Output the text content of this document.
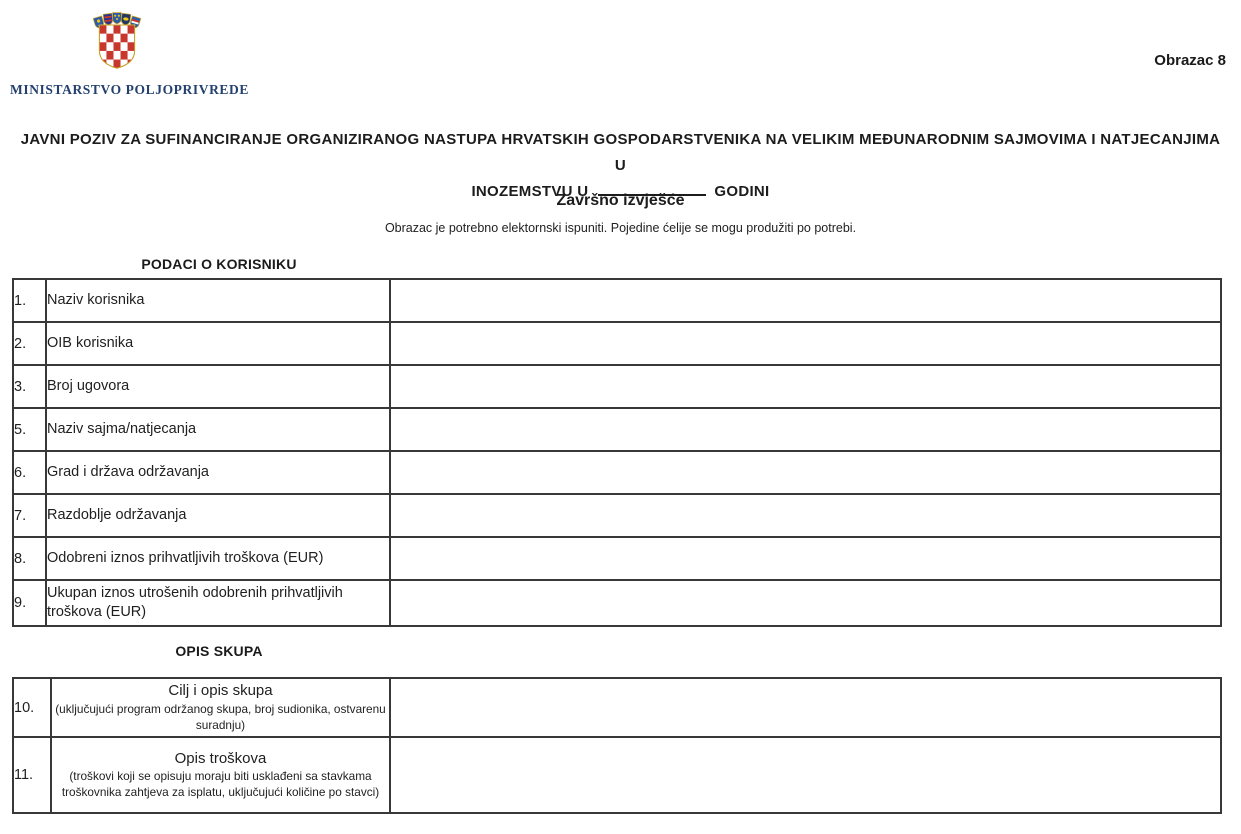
MINISTARSTVO POLJOPRIVREDE
Obrazac 8
JAVNI POZIV ZA SUFINANCIRANJE ORGANIZIRANOG NASTUPA HRVATSKIH GOSPODARSTVENIKA NA VELIKIM MEĐUNARODNIM SAJMOVIMA I NATJECANJIMA U
INOZEMSTVU U	GODINI
Završno izvješće
Obrazac je potrebno elektornski ispuniti. Pojedine ćelije se mogu produžiti po potrebi.
PODACI O KORISNIKU
1.	Naziv korisnika	
2.	OIB korisnika	
3.	Broj ugovora	
5.	Naziv sajma/natjecanja	
6.	Grad i država održavanja	
7.	Razdoblje održavanja	
8.	Odobreni iznos prihvatljivih troškova (EUR)	
9.	Ukupan iznos utrošenih odobrenih prihvatljivih troškova (EUR)	
OPIS SKUPA
10.	Cilj i opis skupa
(uključujući program održanog skupa, broj sudionika, ostvarenu suradnju)	

11.	Opis troškova
(troškovi koji se opisuju moraju biti usklađeni sa stavkama troškovnika zahtjeva za isplatu, uključujući količine po stavci)	
